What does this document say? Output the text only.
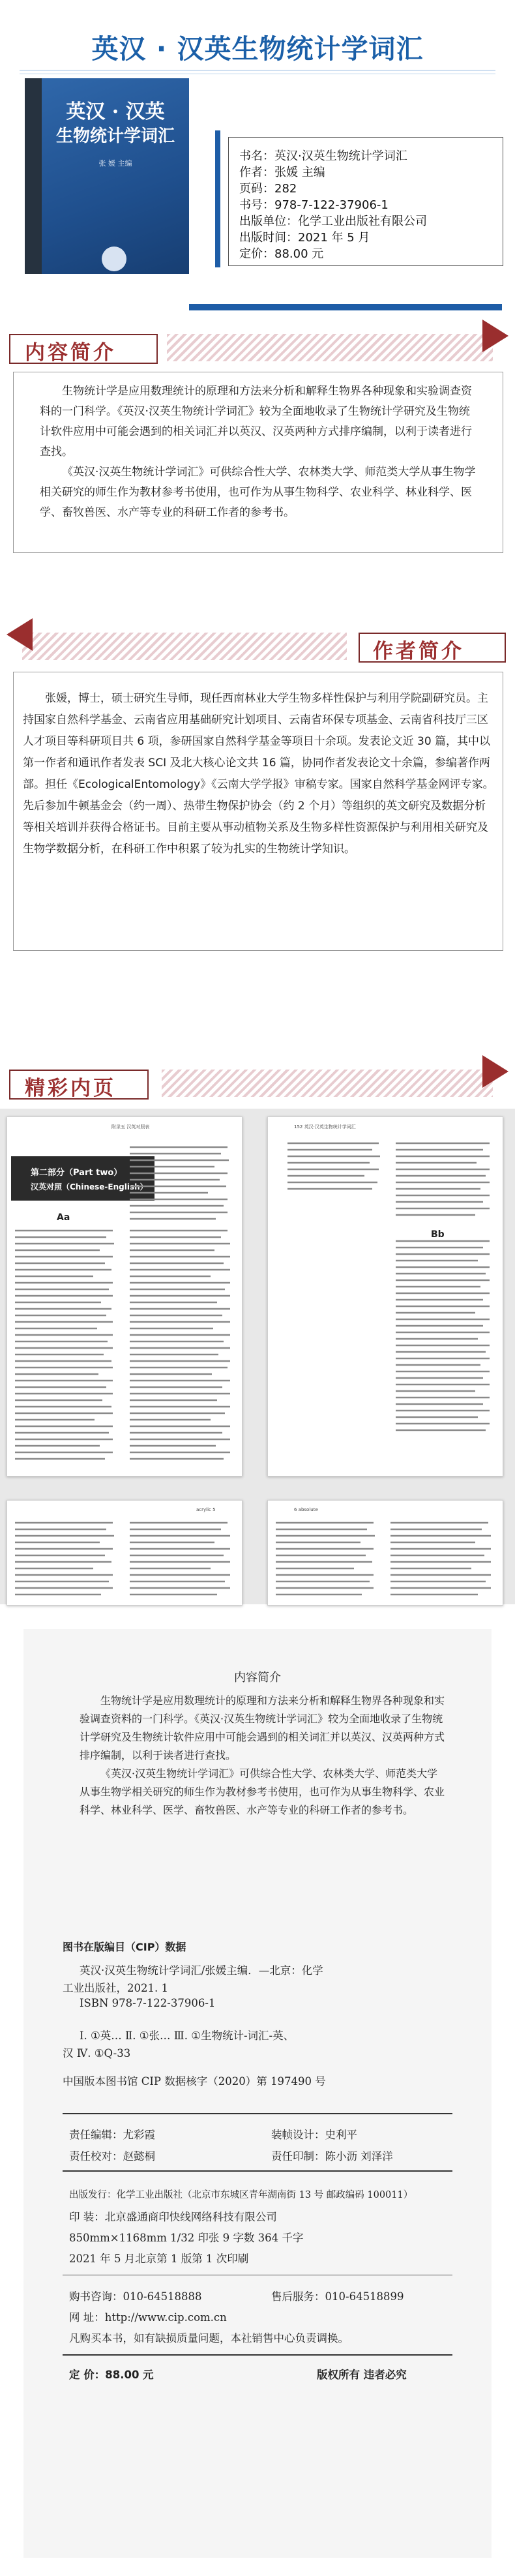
英汉 · 汉英生物统计学词汇
英汉 · 汉英
生物统计学词汇
张 媛 主编
书名：英汉·汉英生物统计学词汇
作者：张媛 主编
页码：282
书号：978-7-122-37906-1
出版单位：化学工业出版社有限公司
出版时间：2021 年 5 月
定价：88.00 元
内容简介

生物统计学是应用数理统计的原理和方法来分析和解释生物界各种现象和实验调查资料的一门科学。《英汉·汉英生物统计学词汇》较为全面地收录了生物统计学研究及生物统计软件应用中可能会遇到的相关词汇并以英汉、汉英两种方式排序编制，以利于读者进行查找。

《英汉·汉英生物统计学词汇》可供综合性大学、农林类大学、师范类大学从事生物学相关研究的师生作为教材参考书使用，也可作为从事生物科学、农业科学、林业科学、医学、畜牧兽医、水产等专业的科研工作者的参考书。

作者简介

张媛，博士，硕士研究生导师，现任西南林业大学生物多样性保护与利用学院副研究员。主持国家自然科学基金、云南省应用基础研究计划项目、云南省环保专项基金、云南省科技厅三区人才项目等科研项目共 6 项，参研国家自然科学基金等项目十余项。发表论文近 30 篇，其中以第一作者和通讯作者发表 SCI 及北大核心论文共 16 篇，协同作者发表论文十余篇，参编著作两部。担任《EcologicalEntomology》《云南大学学报》审稿专家。国家自然科学基金网评专家。先后参加牛顿基金会（约一周）、热带生物保护协会（约 2 个月）等组织的英文研究及数据分析等相关培训并获得合格证书。目前主要从事动植物关系及生物多样性资源保护与利用相关研究及生物学数据分析，在科研工作中积累了较为扎实的生物统计学知识。

精彩内页
附录五 汉英对照表
第二部分（Part two）
汉英对照（Chinese-English）
Aa
152 英汉·汉英生物统计学词汇
Bb
acrylic 5	6 absolute
内容简介

生物统计学是应用数理统计的原理和方法来分析和解释生物界各种现象和实验调查资料的一门科学。《英汉·汉英生物统计学词汇》较为全面地收录了生物统计学研究及生物统计软件应用中可能会遇到的相关词汇并以英汉、汉英两种方式排序编制，以利于读者进行查找。

《英汉·汉英生物统计学词汇》可供综合性大学、农林类大学、师范类大学从事生物学相关研究的师生作为教材参考书使用，也可作为从事生物科学、农业科学、林业科学、医学、畜牧兽医、水产等专业的科研工作者的参考书。

图书在版编目（CIP）数据
英汉·汉英生物统计学词汇/张媛主编．—北京：化学
工业出版社，2021. 1
ISBN 978-7-122-37906-1
Ⅰ. ①英… Ⅱ. ①张… Ⅲ. ①生物统计-词汇-英、
汉 Ⅳ. ①Q-33
中国版本图书馆 CIP 数据核字（2020）第 197490 号
责任编辑：尤彩霞	装帧设计：史利平
责任校对：赵懿桐	责任印制：陈小沥 刘泽洋
出版发行：化学工业出版社（北京市东城区青年湖南街 13 号 邮政编码 100011）
印 装：北京盛通商印快线网络科技有限公司
850mm×1168mm 1/32 印张 9 字数 364 千字
2021 年 5 月北京第 1 版第 1 次印刷
购书咨询：010-64518888	售后服务：010-64518899
网 址：http://www.cip.com.cn
凡购买本书，如有缺损质量问题，本社销售中心负责调换。
定 价：88.00 元	版权所有 违者必究
